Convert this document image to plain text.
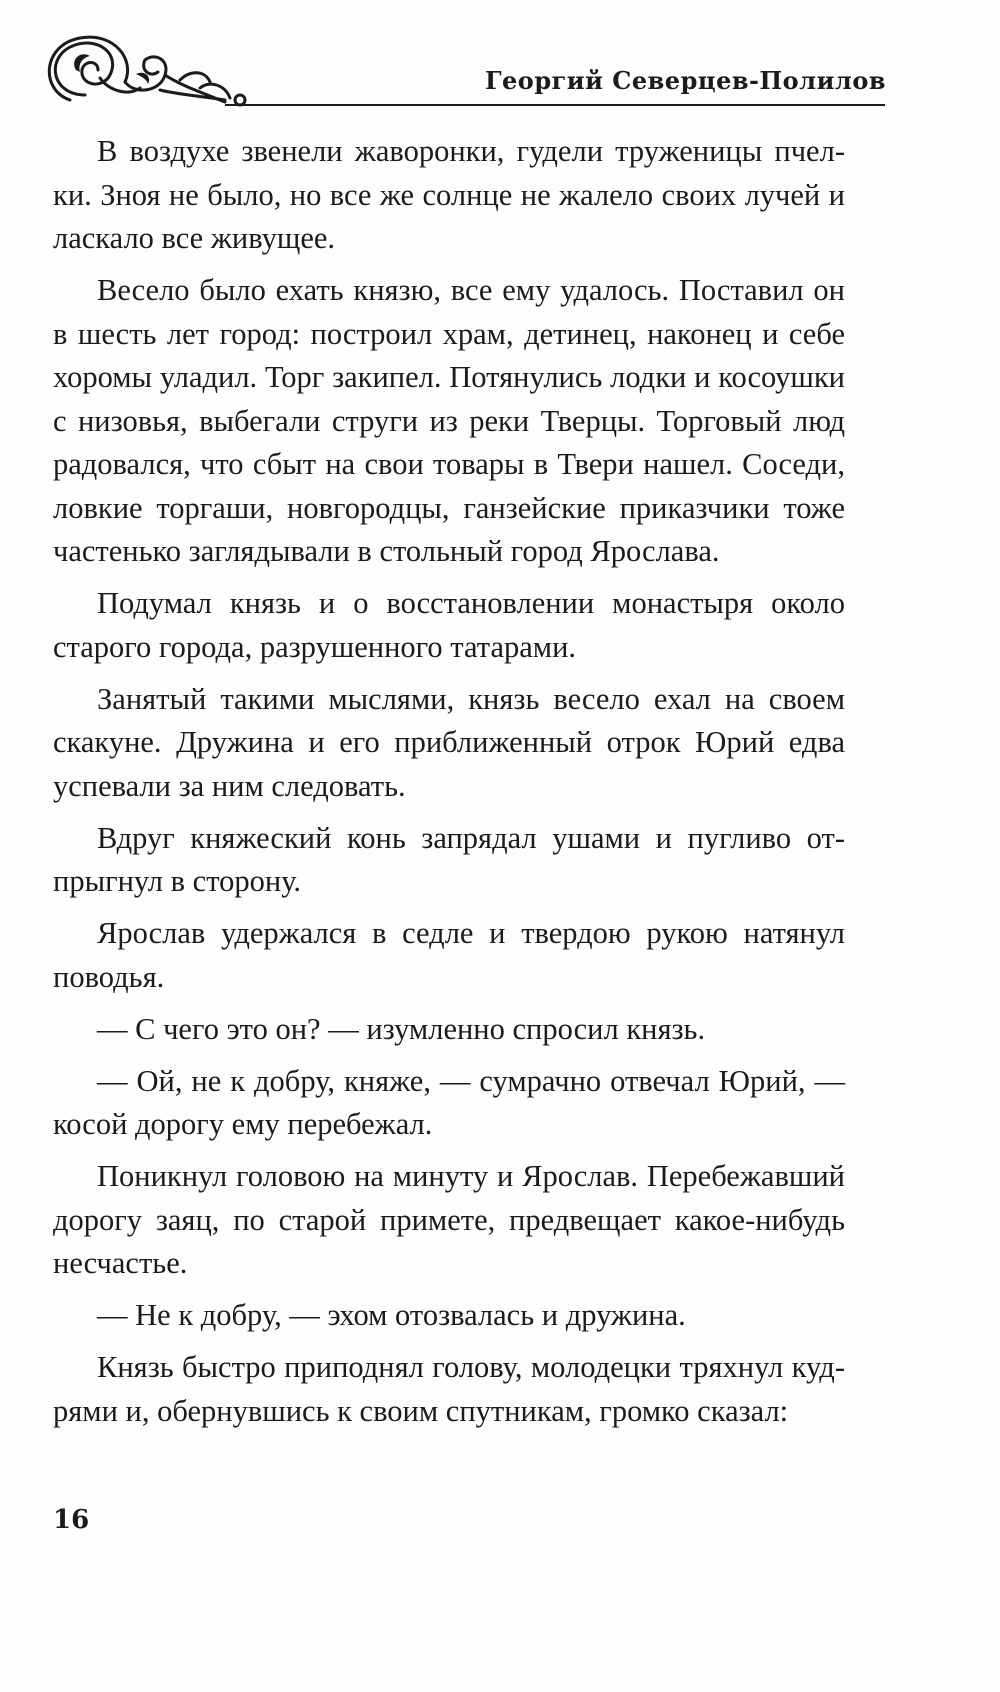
Георгий Северцев-Полилов

В воздухе звенели жаворонки, гудели труженицы пчелки. Зноя не было, но все же солнце не жалело своих лучей и ласкало все живущее.

Весело было ехать князю, все ему удалось. Поставил он в шесть лет город: построил храм, детинец, наконец и себе хоромы уладил. Торг закипел. Потянулись лодки и косоушки с низовья, выбегали струги из реки Тверцы. Торговый люд радовался, что сбыт на свои товары в Твери нашел. Соседи, ловкие торгаши, новгородцы, ганзейские приказчики тоже частенько заглядывали в стольный город Ярослава.

Подумал князь и о восстановлении монастыря около старого города, разрушенного татарами.

Занятый такими мыслями, князь весело ехал на своем скакуне. Дружина и его приближенный отрок Юрий едва успевали за ним следовать.

Вдруг княжеский конь запрядал ушами и пугливо отпрыгнул в сторону.

Ярослав удержался в седле и твердою рукою натянул поводья.

— С чего это он? — изумленно спросил князь.

— Ой, не к добру, княже, — сумрачно отвечал Юрий, — косой дорогу ему перебежал.

Поникнул головою на минуту и Ярослав. Перебежавший дорогу заяц, по старой примете, предвещает какое-нибудь несчастье.

— Не к добру, — эхом отозвалась и дружина.

Князь быстро приподнял голову, молодецки тряхнул кудрями и, обернувшись к своим спутникам, громко сказал:

16
